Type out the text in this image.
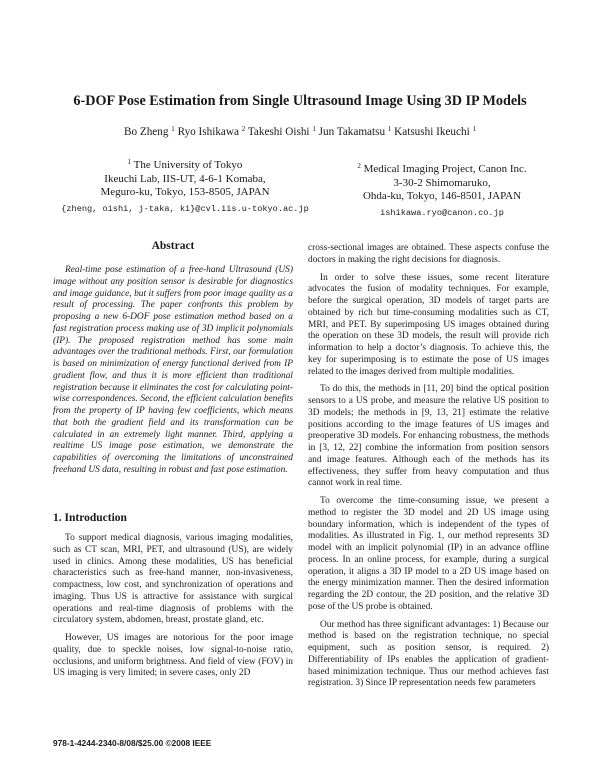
6-DOF Pose Estimation from Single Ultrasound Image Using 3D IP Models
Bo Zheng $^1$ Ryo Ishikawa $^2$ Takeshi Oishi $^1$ Jun Takamatsu $^1$ Katsushi Ikeuchi $^1$
$^1$ The University of Tokyo
Ikeuchi Lab, IIS-UT, 4-6-1 Komaba,
Meguro-ku, Tokyo, 153-8505, JAPAN
{zheng, oishi, j-taka, ki}@cvl.iis.u-tokyo.ac.jp
$^2$ Medical Imaging Project, Canon Inc.
3-30-2 Shimomaruko,
Ohda-ku, Tokyo, 146-8501, JAPAN
ishikawa.ryo@canon.co.jp
Abstract

Real-time pose estimation of a free-hand Ultrasound (US) image without any position sensor is desirable for diagnostics and image guidance, but it suffers from poor image quality as a result of processing. The paper confronts this problem by proposing a new 6-DOF pose estimation method based on a fast registration process making use of 3D implicit polynomials (IP). The proposed registration method has some main advantages over the traditional methods. First, our formulation is based on minimization of energy functional derived from IP gradient flow, and thus it is more efficient than traditional registration because it eliminates the cost for calculating point-wise correspondences. Second, the efficient calculation benefits from the property of IP having few coefficients, which means that both the gradient field and its transformation can be calculated in an extremely light manner. Third, applying a realtime US image pose estimation, we demonstrate the capabilities of overcoming the limitations of unconstrained freehand US data, resulting in robust and fast pose estimation.

1. Introduction

To support medical diagnosis, various imaging modalities, such as CT scan, MRI, PET, and ultrasound (US), are widely used in clinics. Among these modalities, US has beneficial characteristics such as free-hand manner, non-invasiveness, compactness, low cost, and synchronization of operations and imaging. Thus US is attractive for assistance with surgical operations and real-time diagnosis of problems with the circulatory system, abdomen, breast, prostate gland, etc.

However, US images are notorious for the poor image quality, due to speckle noises, low signal-to-noise ratio, occlusions, and uniform brightness. And field of view (FOV) in US imaging is very limited; in severe cases, only 2D

cross-sectional images are obtained. These aspects confuse the doctors in making the right decisions for diagnosis.

In order to solve these issues, some recent literature advocates the fusion of modality techniques. For example, before the surgical operation, 3D models of target parts are obtained by rich but time-consuming modalities such as CT, MRI, and PET. By superimposing US images obtained during the operation on these 3D models, the result will provide rich information to help a doctor’s diagnosis. To achieve this, the key for superimposing is to estimate the pose of US images related to the images derived from multiple modalities.

To do this, the methods in [11, 20] bind the optical position sensors to a US probe, and measure the relative US position to 3D models; the methods in [9, 13, 21] estimate the relative positions according to the image features of US images and preoperative 3D models. For enhancing robustness, the methods in [3, 12, 22] combine the information from position sensors and image features. Although each of the methods has its effectiveness, they suffer from heavy computation and thus cannot work in real time.

To overcome the time-consuming issue, we present a method to register the 3D model and 2D US image using boundary information, which is independent of the types of modalities. As illustrated in Fig. 1, our method represents 3D model with an implicit polynomial (IP) in an advance offline process. In an online process, for example, during a surgical operation, it aligns a 3D IP model to a 2D US image based on the energy minimization manner. Then the desired information regarding the 2D contour, the 2D position, and the relative 3D pose of the US probe is obtained.

Our method has three significant advantages: 1) Because our method is based on the registration technique, no special equipment, such as position sensor, is required. 2) Differentiability of IPs enables the application of gradient-based minimization technique. Thus our method achieves fast registration. 3) Since IP representation needs few parameters

978-1-4244-2340-8/08/$25.00 ©2008 IEEE
